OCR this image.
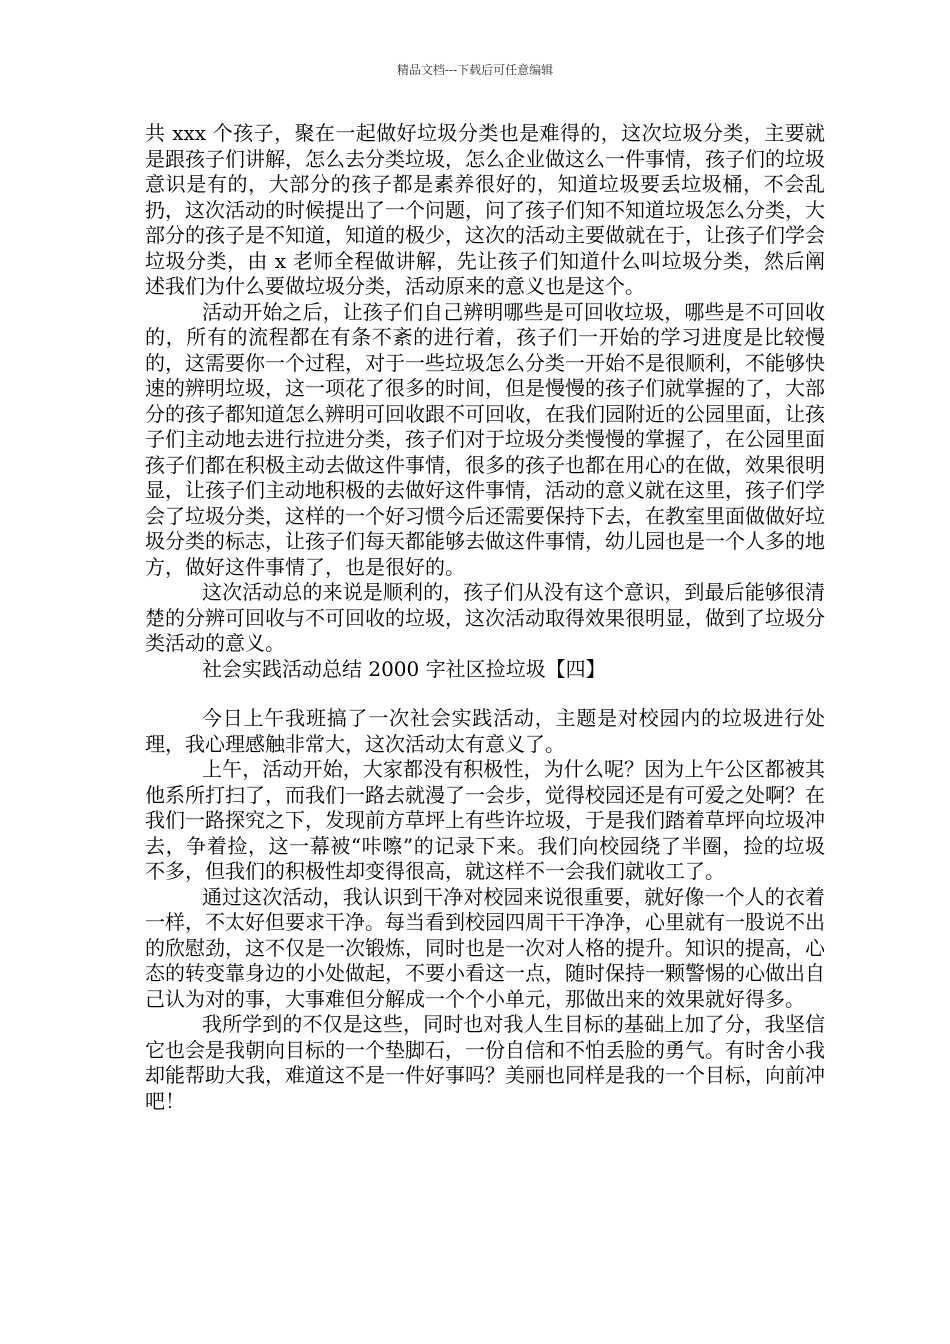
精品文档---下载后可任意编辑

共 xxx 个孩子，聚在一起做好垃圾分类也是难得的，这次垃圾分类，主要就是跟孩子们讲解，怎么去分类垃圾，怎么企业做这么一件事情，孩子们的垃圾意识是有的，大部分的孩子都是素养很好的，知道垃圾要丢垃圾桶，不会乱扔，这次活动的时候提出了一个问题，问了孩子们知不知道垃圾怎么分类，大部分的孩子是不知道，知道的极少，这次的活动主要做就在于，让孩子们学会垃圾分类，由 x 老师全程做讲解，先让孩子们知道什么叫垃圾分类，然后阐述我们为什么要做垃圾分类，活动原来的意义也是这个。

活动开始之后，让孩子们自己辨明哪些是可回收垃圾，哪些是不可回收的，所有的流程都在有条不紊的进行着，孩子们一开始的学习进度是比较慢的，这需要你一个过程，对于一些垃圾怎么分类一开始不是很顺利，不能够快速的辨明垃圾，这一项花了很多的时间，但是慢慢的孩子们就掌握的了，大部分的孩子都知道怎么辨明可回收跟不可回收，在我们园附近的公园里面，让孩子们主动地去进行拉进分类，孩子们对于垃圾分类慢慢的掌握了，在公园里面孩子们都在积极主动去做这件事情，很多的孩子也都在用心的在做，效果很明显，让孩子们主动地积极的去做好这件事情，活动的意义就在这里，孩子们学会了垃圾分类，这样的一个好习惯今后还需要保持下去，在教室里面做做好垃圾分类的标志，让孩子们每天都能够去做这件事情，幼儿园也是一个人多的地方，做好这件事情了，也是很好的。

这次活动总的来说是顺利的，孩子们从没有这个意识，到最后能够很清楚的分辨可回收与不可回收的垃圾，这次活动取得效果很明显，做到了垃圾分类活动的意义。

社会实践活动总结 2000 字社区捡垃圾【四】

今日上午我班搞了一次社会实践活动，主题是对校园内的垃圾进行处理，我心理感触非常大，这次活动太有意义了。

上午，活动开始，大家都没有积极性，为什么呢？因为上午公区都被其他系所打扫了，而我们一路去就漫了一会步，觉得校园还是有可爱之处啊？在我们一路探究之下，发现前方草坪上有些许垃圾，于是我们踏着草坪向垃圾冲去，争着捡，这一幕被“咔嚓”的记录下来。我们向校园绕了半圈，捡的垃圾不多，但我们的积极性却变得很高，就这样不一会我们就收工了。

通过这次活动，我认识到干净对校园来说很重要，就好像一个人的衣着一样，不太好但要求干净。每当看到校园四周干干净净，心里就有一股说不出的欣慰劲，这不仅是一次锻炼，同时也是一次对人格的提升。知识的提高，心态的转变靠身边的小处做起，不要小看这一点，随时保持一颗警惕的心做出自己认为对的事，大事难但分解成一个个小单元，那做出来的效果就好得多。

我所学到的不仅是这些，同时也对我人生目标的基础上加了分，我坚信它也会是我朝向目标的一个垫脚石，一份自信和不怕丢脸的勇气。有时舍小我却能帮助大我，难道这不是一件好事吗？美丽也同样是我的一个目标，向前冲吧！
